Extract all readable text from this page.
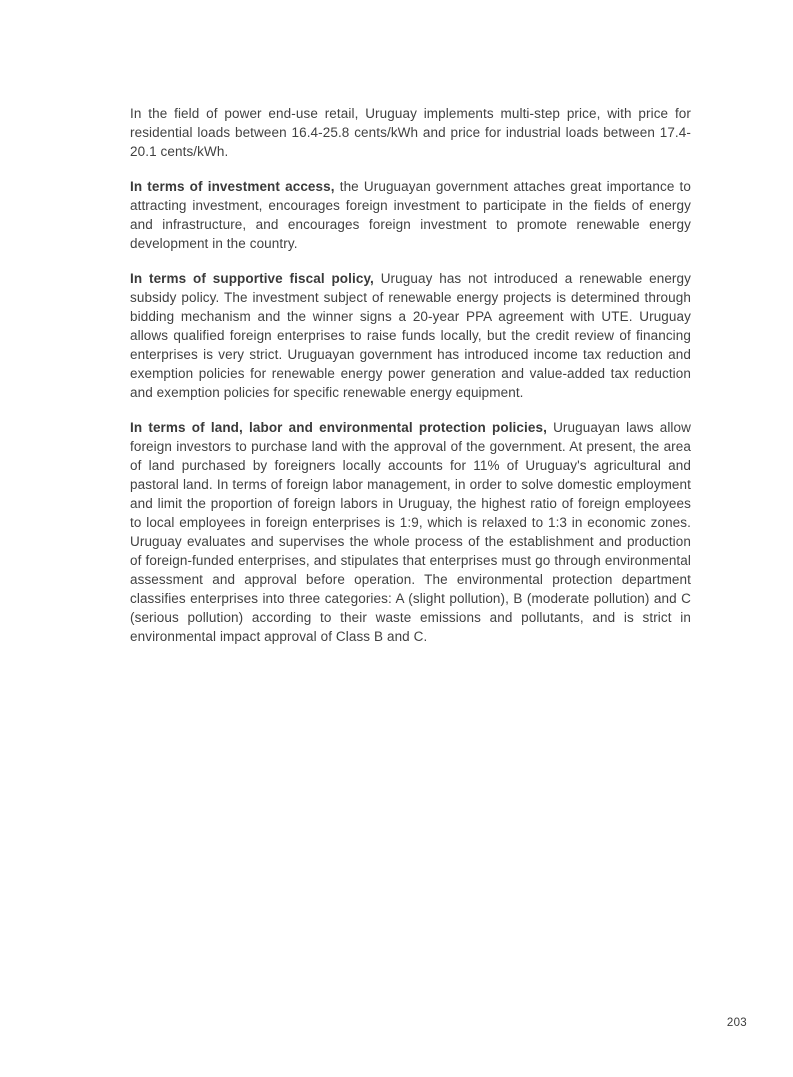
In the field of power end-use retail, Uruguay implements multi-step price, with price for residential loads between 16.4-25.8 cents/kWh and price for industrial loads between 17.4-20.1 cents/kWh.

In terms of investment access, the Uruguayan government attaches great importance to attracting investment, encourages foreign investment to participate in the fields of energy and infrastructure, and encourages foreign investment to promote renewable energy development in the country.

In terms of supportive fiscal policy, Uruguay has not introduced a renewable energy subsidy policy. The investment subject of renewable energy projects is determined through bidding mechanism and the winner signs a 20-year PPA agreement with UTE. Uruguay allows qualified foreign enterprises to raise funds locally, but the credit review of financing enterprises is very strict. Uruguayan government has introduced income tax reduction and exemption policies for renewable energy power generation and value-added tax reduction and exemption policies for specific renewable energy equipment.

In terms of land, labor and environmental protection policies, Uruguayan laws allow foreign investors to purchase land with the approval of the government. At present, the area of land purchased by foreigners locally accounts for 11% of Uruguay's agricultural and pastoral land. In terms of foreign labor management, in order to solve domestic employment and limit the proportion of foreign labors in Uruguay, the highest ratio of foreign employees to local employees in foreign enterprises is 1:9, which is relaxed to 1:3 in economic zones. Uruguay evaluates and supervises the whole process of the establishment and production of foreign-funded enterprises, and stipulates that enterprises must go through environmental assessment and approval before operation. The environmental protection department classifies enterprises into three categories: A (slight pollution), B (moderate pollution) and C (serious pollution) according to their waste emissions and pollutants, and is strict in environmental impact approval of Class B and C.

203
